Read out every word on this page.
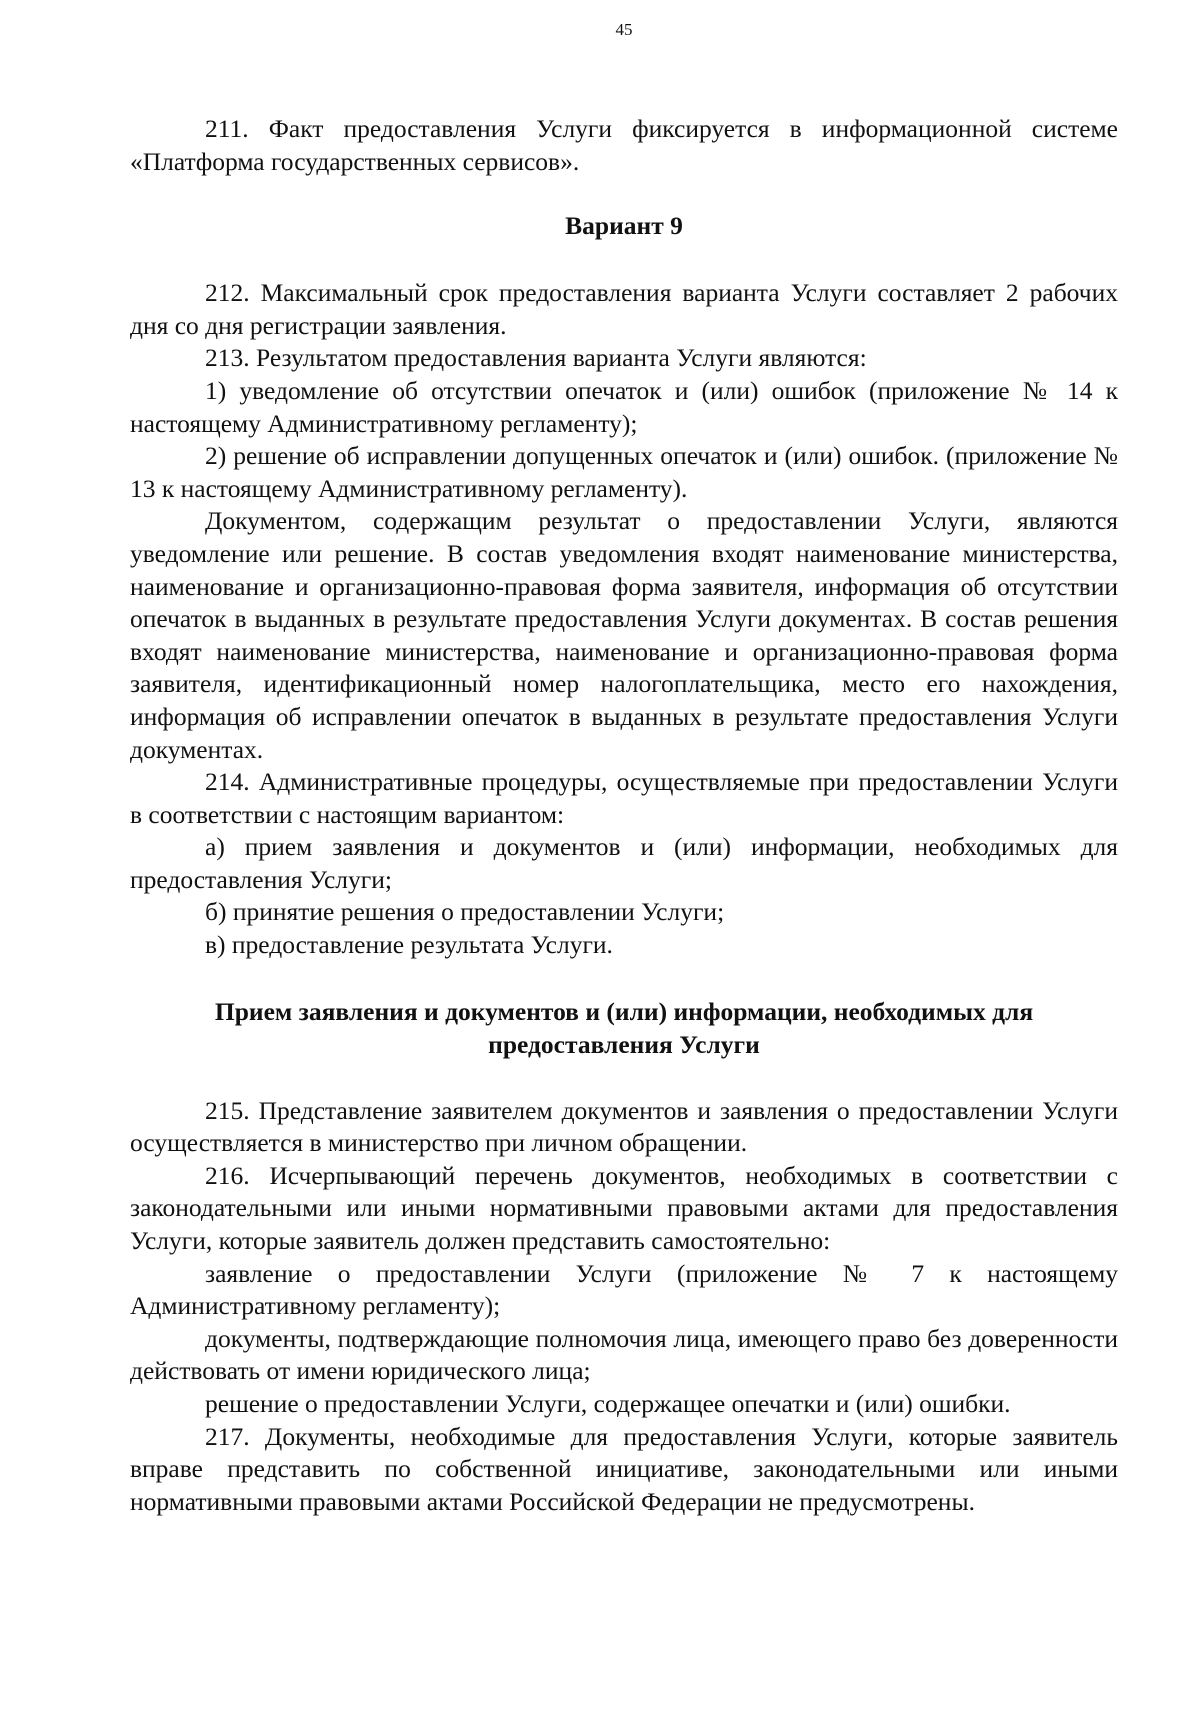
45

211. Факт предоставления Услуги фиксируется в информационной системе «Платформа государственных сервисов».

Вариант 9

212. Максимальный срок предоставления варианта Услуги составляет 2 рабочих дня со дня регистрации заявления.

213. Результатом предоставления варианта Услуги являются:

1) уведомление об отсутствии опечаток и (или) ошибок (приложение № 14 к настоящему Административному регламенту);

2) решение об исправлении допущенных опечаток и (или) ошибок. (приложение № 13 к настоящему Административному регламенту).

Документом, содержащим результат о предоставлении Услуги, являются уведомление или решение. В состав уведомления входят наименование министерства, наименование и организационно-правовая форма заявителя, информация об отсутствии опечаток в выданных в результате предоставления Услуги документах. В состав решения входят наименование министерства, наименование и организационно-правовая форма заявителя, идентификационный номер налогоплательщика, место его нахождения, информация об исправлении опечаток в выданных в результате предоставления Услуги документах.

214. Административные процедуры, осуществляемые при предоставлении Услуги в соответствии с настоящим вариантом:

а) прием заявления и документов и (или) информации, необходимых для предоставления Услуги;

б) принятие решения о предоставлении Услуги;

в) предоставление результата Услуги.

Прием заявления и документов и (или) информации, необходимых для предоставления Услуги

215. Представление заявителем документов и заявления о предоставлении Услуги осуществляется в министерство при личном обращении.

216. Исчерпывающий перечень документов, необходимых в соответствии с законодательными или иными нормативными правовыми актами для предоставления Услуги, которые заявитель должен представить самостоятельно:

заявление о предоставлении Услуги (приложение № 7 к настоящему Административному регламенту);

документы, подтверждающие полномочия лица, имеющего право без доверенности действовать от имени юридического лица;

решение о предоставлении Услуги, содержащее опечатки и (или) ошибки.

217. Документы, необходимые для предоставления Услуги, которые заявитель вправе представить по собственной инициативе, законодательными или иными нормативными правовыми актами Российской Федерации не предусмотрены.
